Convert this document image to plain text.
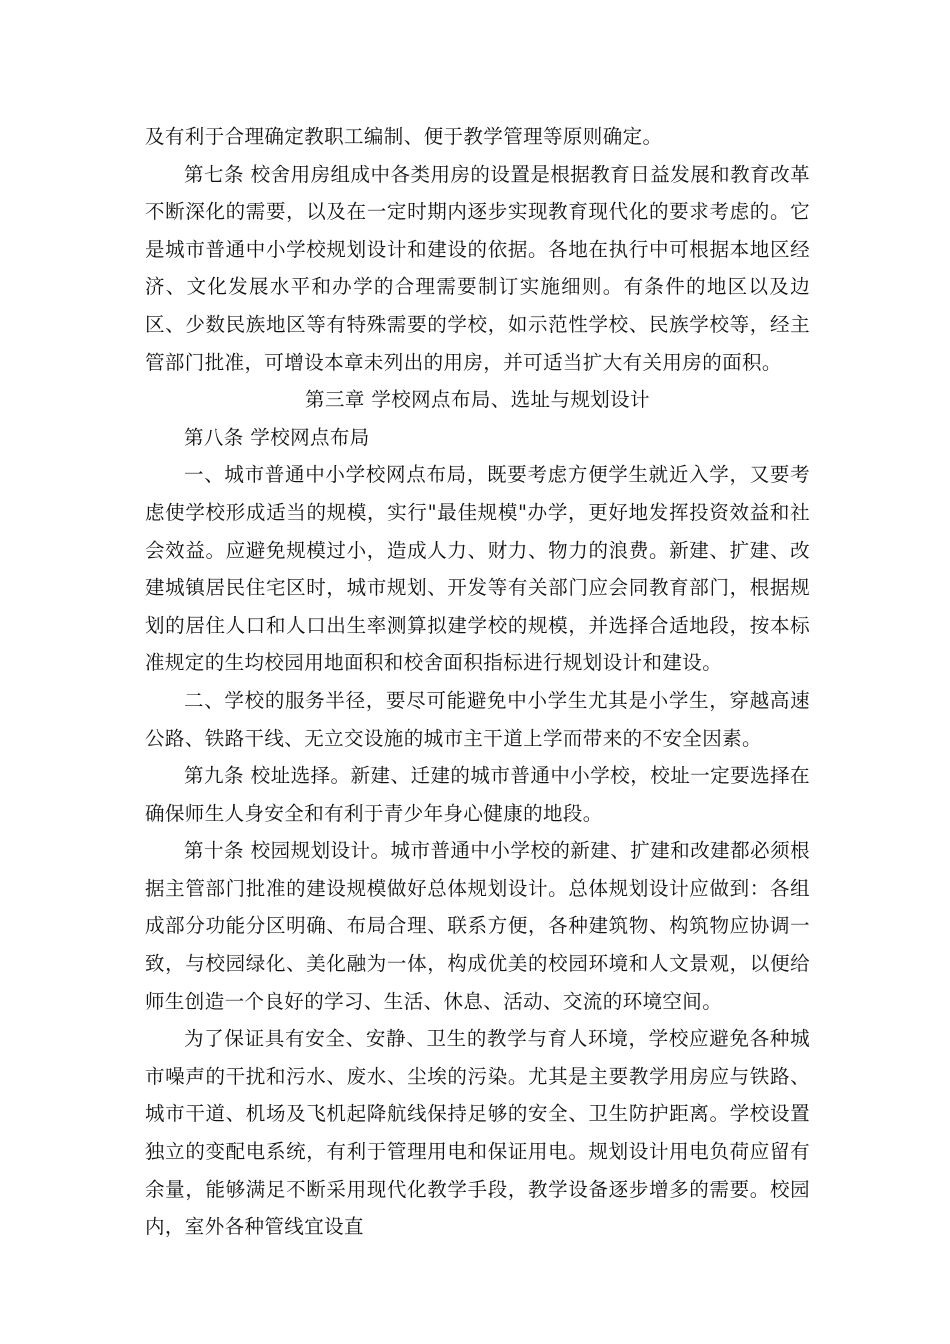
及有利于合理确定教职工编制、便于教学管理等原则确定。

第七条 校舍用房组成中各类用房的设置是根据教育日益发展和教育改革不断深化的需要，以及在一定时期内逐步实现教育现代化的要求考虑的。它是城市普通中小学校规划设计和建设的依据。各地在执行中可根据本地区经济、文化发展水平和办学的合理需要制订实施细则。有条件的地区以及边区、少数民族地区等有特殊需要的学校，如示范性学校、民族学校等，经主管部门批准，可增设本章未列出的用房，并可适当扩大有关用房的面积。

第三章 学校网点布局、选址与规划设计

第八条 学校网点布局

一、城市普通中小学校网点布局，既要考虑方便学生就近入学，又要考虑使学校形成适当的规模，实行"最佳规模"办学，更好地发挥投资效益和社会效益。应避免规模过小，造成人力、财力、物力的浪费。新建、扩建、改建城镇居民住宅区时，城市规划、开发等有关部门应会同教育部门，根据规划的居住人口和人口出生率测算拟建学校的规模，并选择合适地段，按本标准规定的生均校园用地面积和校舍面积指标进行规划设计和建设。

二、学校的服务半径，要尽可能避免中小学生尤其是小学生，穿越高速公路、铁路干线、无立交设施的城市主干道上学而带来的不安全因素。

第九条 校址选择。新建、迁建的城市普通中小学校，校址一定要选择在确保师生人身安全和有利于青少年身心健康的地段。

第十条 校园规划设计。城市普通中小学校的新建、扩建和改建都必须根据主管部门批准的建设规模做好总体规划设计。总体规划设计应做到：各组成部分功能分区明确、布局合理、联系方便，各种建筑物、构筑物应协调一致，与校园绿化、美化融为一体，构成优美的校园环境和人文景观，以便给师生创造一个良好的学习、生活、休息、活动、交流的环境空间。

为了保证具有安全、安静、卫生的教学与育人环境，学校应避免各种城市噪声的干扰和污水、废水、尘埃的污染。尤其是主要教学用房应与铁路、城市干道、机场及飞机起降航线保持足够的安全、卫生防护距离。学校设置独立的变配电系统，有利于管理用电和保证用电。规划设计用电负荷应留有余量，能够满足不断采用现代化教学手段，教学设备逐步增多的需要。校园内，室外各种管线宜设直
